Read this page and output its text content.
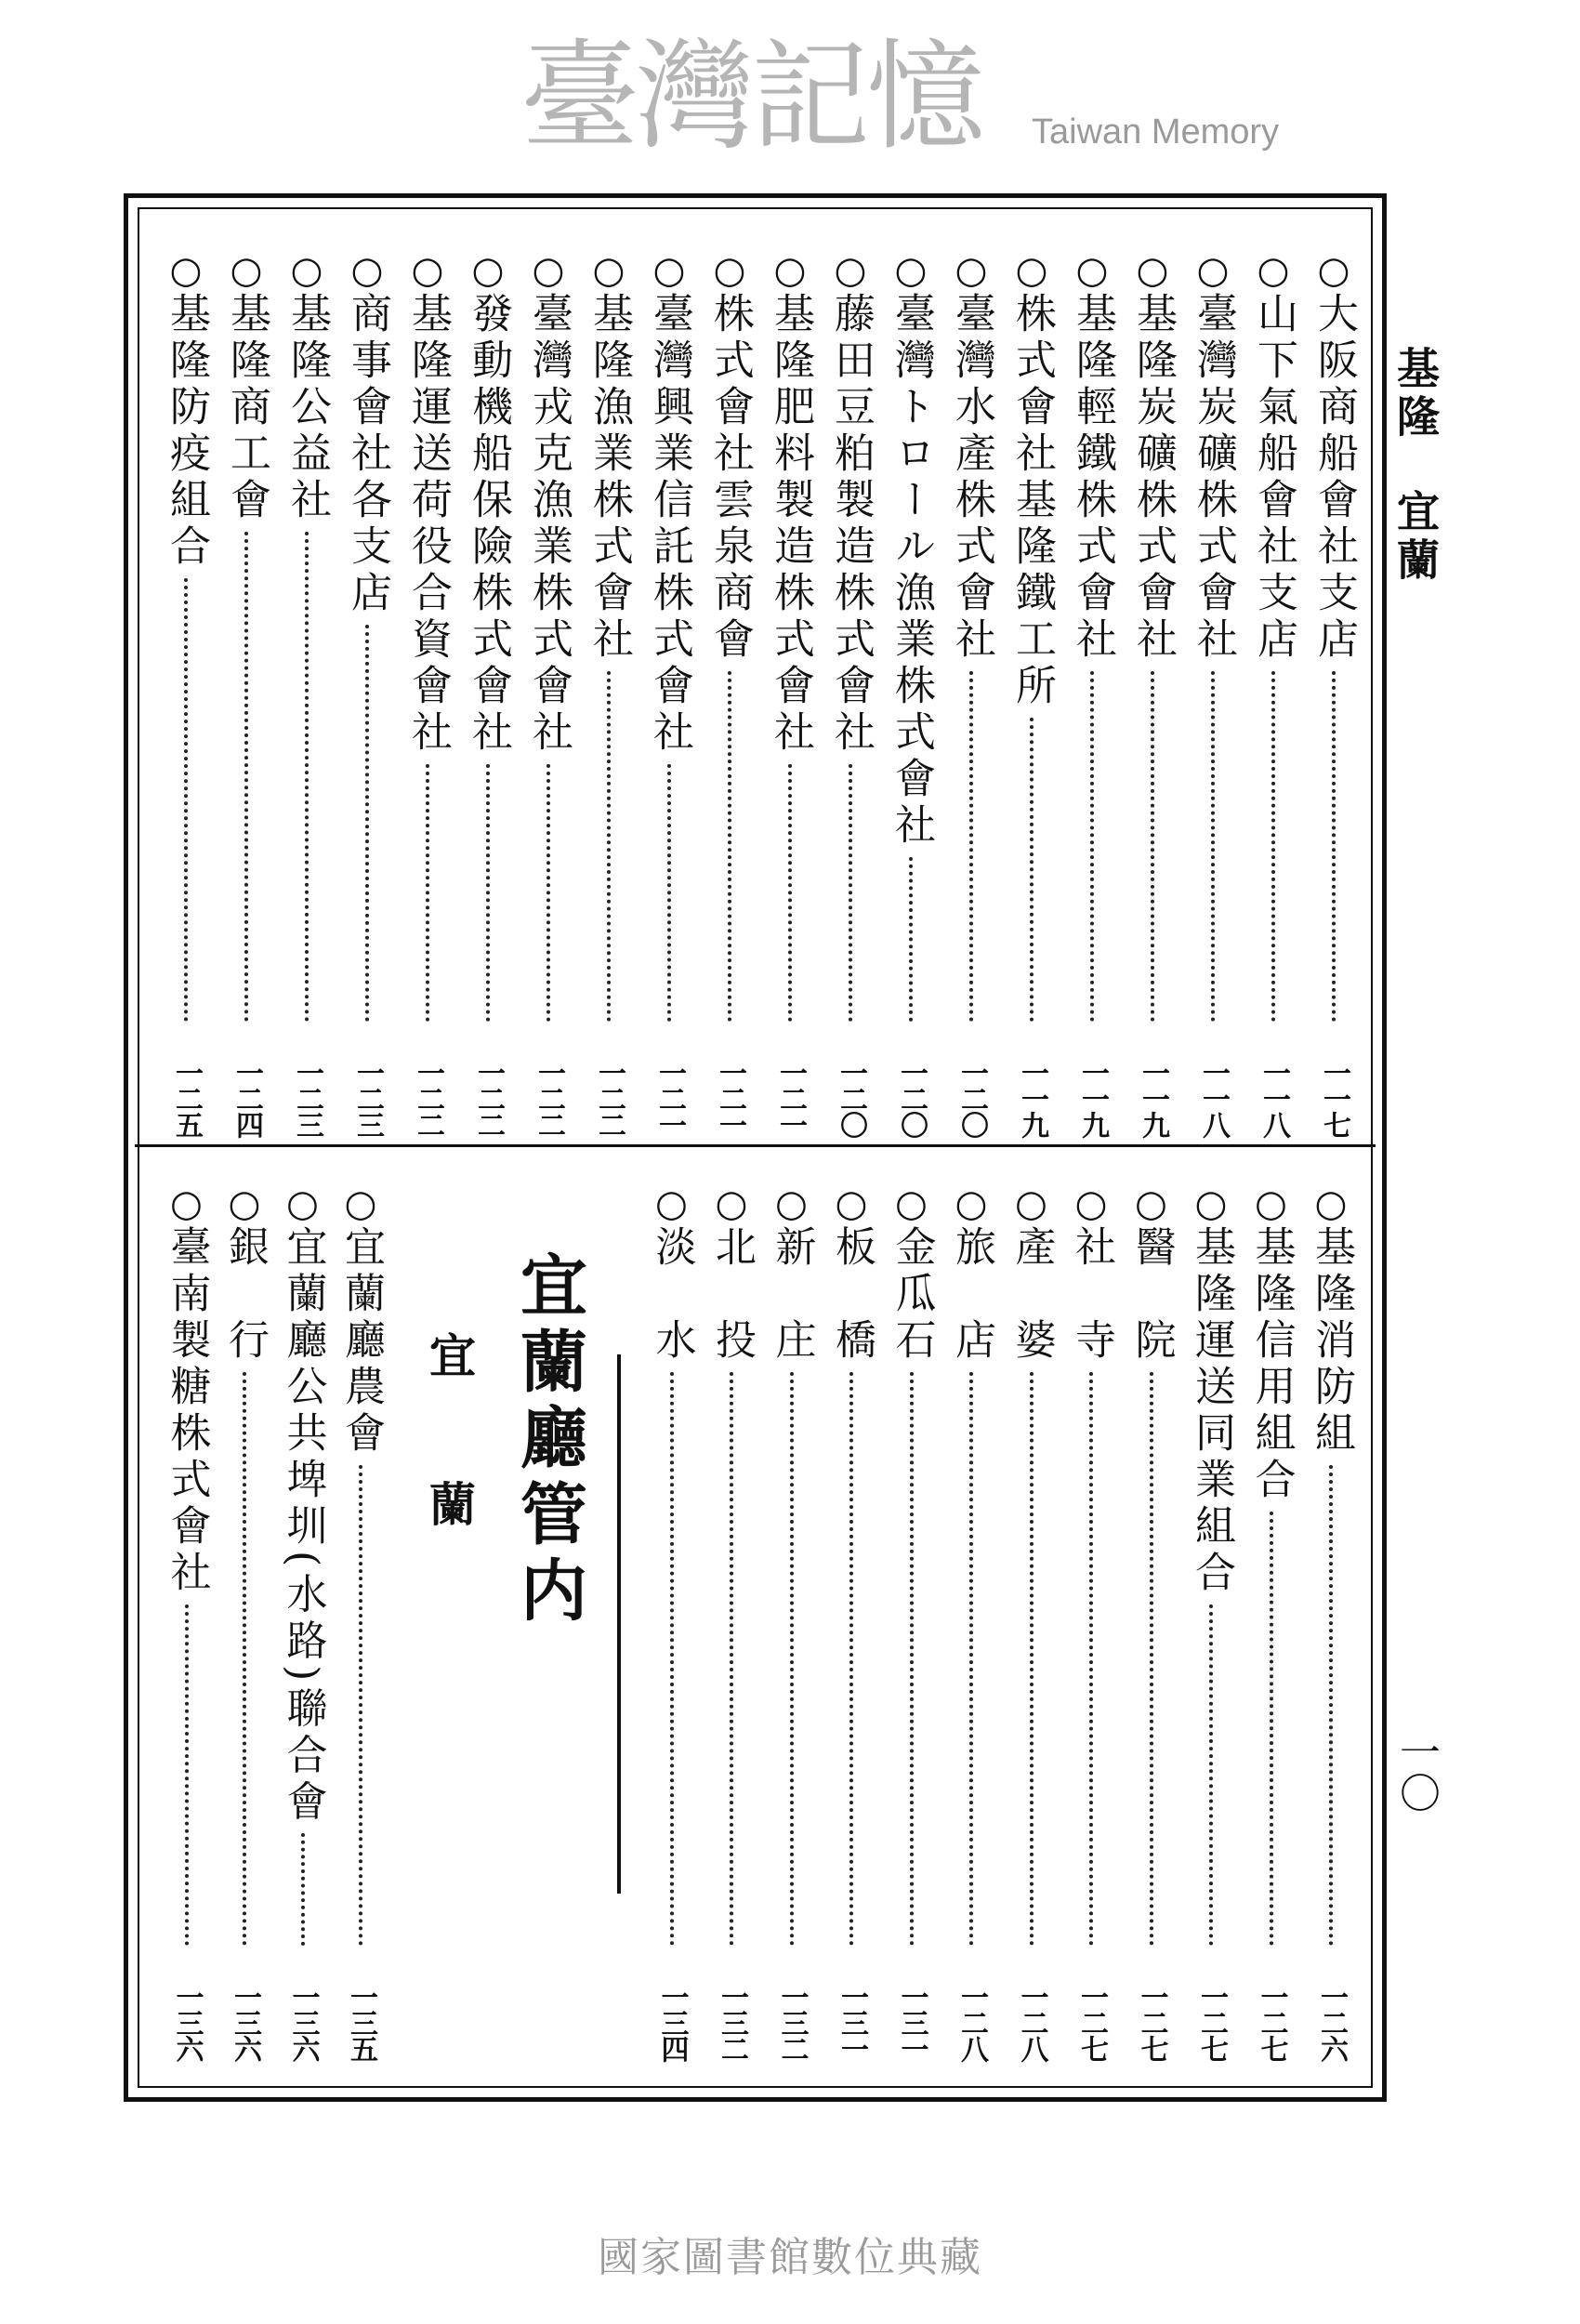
基隆宜蘭
一〇
○
大阪商船會社支店
一一七
○
山下氣船會社支店
一一八
○
臺灣炭礦株式會社
一一八
○
基隆炭礦株式會社
一一九
○
基隆輕鐵株式會社
一一九
○
株式會社基隆鐵工所
一一九
○
臺灣水產株式會社
一二〇
○
臺灣トロール漁業株式會社
一二〇
○
藤田豆粕製造株式會社
一二〇
○
基隆肥料製造株式會社
一二一
○
株式會社雲泉商會
一二一
○
臺灣興業信託株式會社
一二一
○
基隆漁業株式會社
一二二
○
臺灣戎克漁業株式會社
一二二
○
發動機船保險株式會社
一二二
○
基隆運送荷役合資會社
一二二
○
商事會社各支店
一二三
○
基隆公益社
一二三
○
基隆商工會
一二四
○
基隆防疫組合
一二五
○
基隆消防組
一二六
○
基隆信用組合
一二七
○
基隆運送同業組合
一二七
○
醫　院
一二七
○
社　寺
一二七
○
產　婆
一二八
○
旅　店
一二八
○
金瓜石
一三一
○
板　橋
一三一
○
新　庄
一三二
○
北　投
一三二
○
淡　水
一三四
○
宜蘭廳農會
一三五
○
宜蘭廳公共埤圳(水路)聯合會
一三六
○
銀　行
一三六
○
臺南製糖株式會社
一三六
宜蘭廳管内
宜蘭
臺灣記憶 Taiwan Memory
國家圖書館數位典藏
